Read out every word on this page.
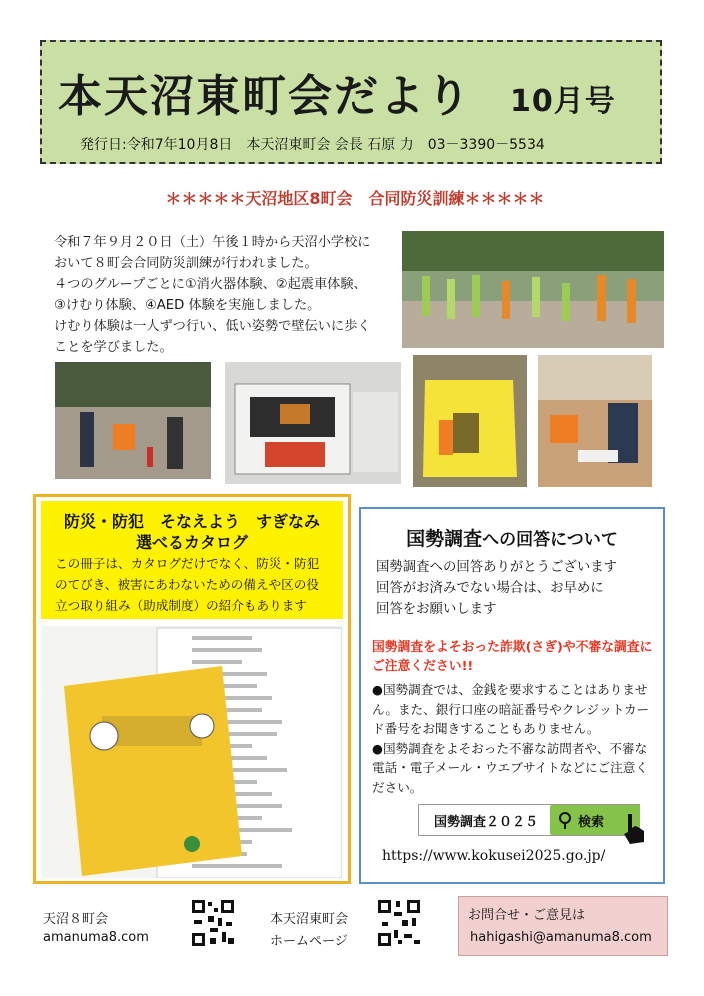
本天沼東町会だより 10月号
発行日:令和7年10月8日　本天沼東町会 会長 石原 力　03－3390－5534
＊＊＊＊＊天沼地区8町会　合同防災訓練＊＊＊＊＊
令和７年９月２０日（土）午後１時から天沼小学校に
おいて８町会合同防災訓練が行われました。
４つのグループごとに①消火器体験、②起震車体験、
③けむり体験、④AED 体験を実施しました。
けむり体験は一人ずつ行い、低い姿勢で壁伝いに歩く
ことを学びました。
防災・防犯　そなえよう　すぎなみ
選べるカタログ
この冊子は、カタログだけでなく、防災・防犯
のてびき、被害にあわないための備えや区の役
立つ取り組み（助成制度）の紹介もあります
国勢調査への回答について
国勢調査への回答ありがとうございます
回答がお済みでない場合は、お早めに
回答をお願いします
国勢調査をよそおった詐欺(さぎ)や不審な調査に
ご注意ください!!
●国勢調査では、金銭を要求することはありませ
ん。また、銀行口座の暗証番号やクレジットカー
ド番号をお聞きすることもありません。
●国勢調査をよそおった不審な訪問者や、不審な
電話・電子メール・ウエブサイトなどにご注意く
ださい。
国勢調査２０２５	検索
https://www.kokusei2025.go.jp/
天沼８町会
amanuma8.com
本天沼東町会
ホームページ
お問合せ・ご意見は
hahigashi@amanuma8.com
